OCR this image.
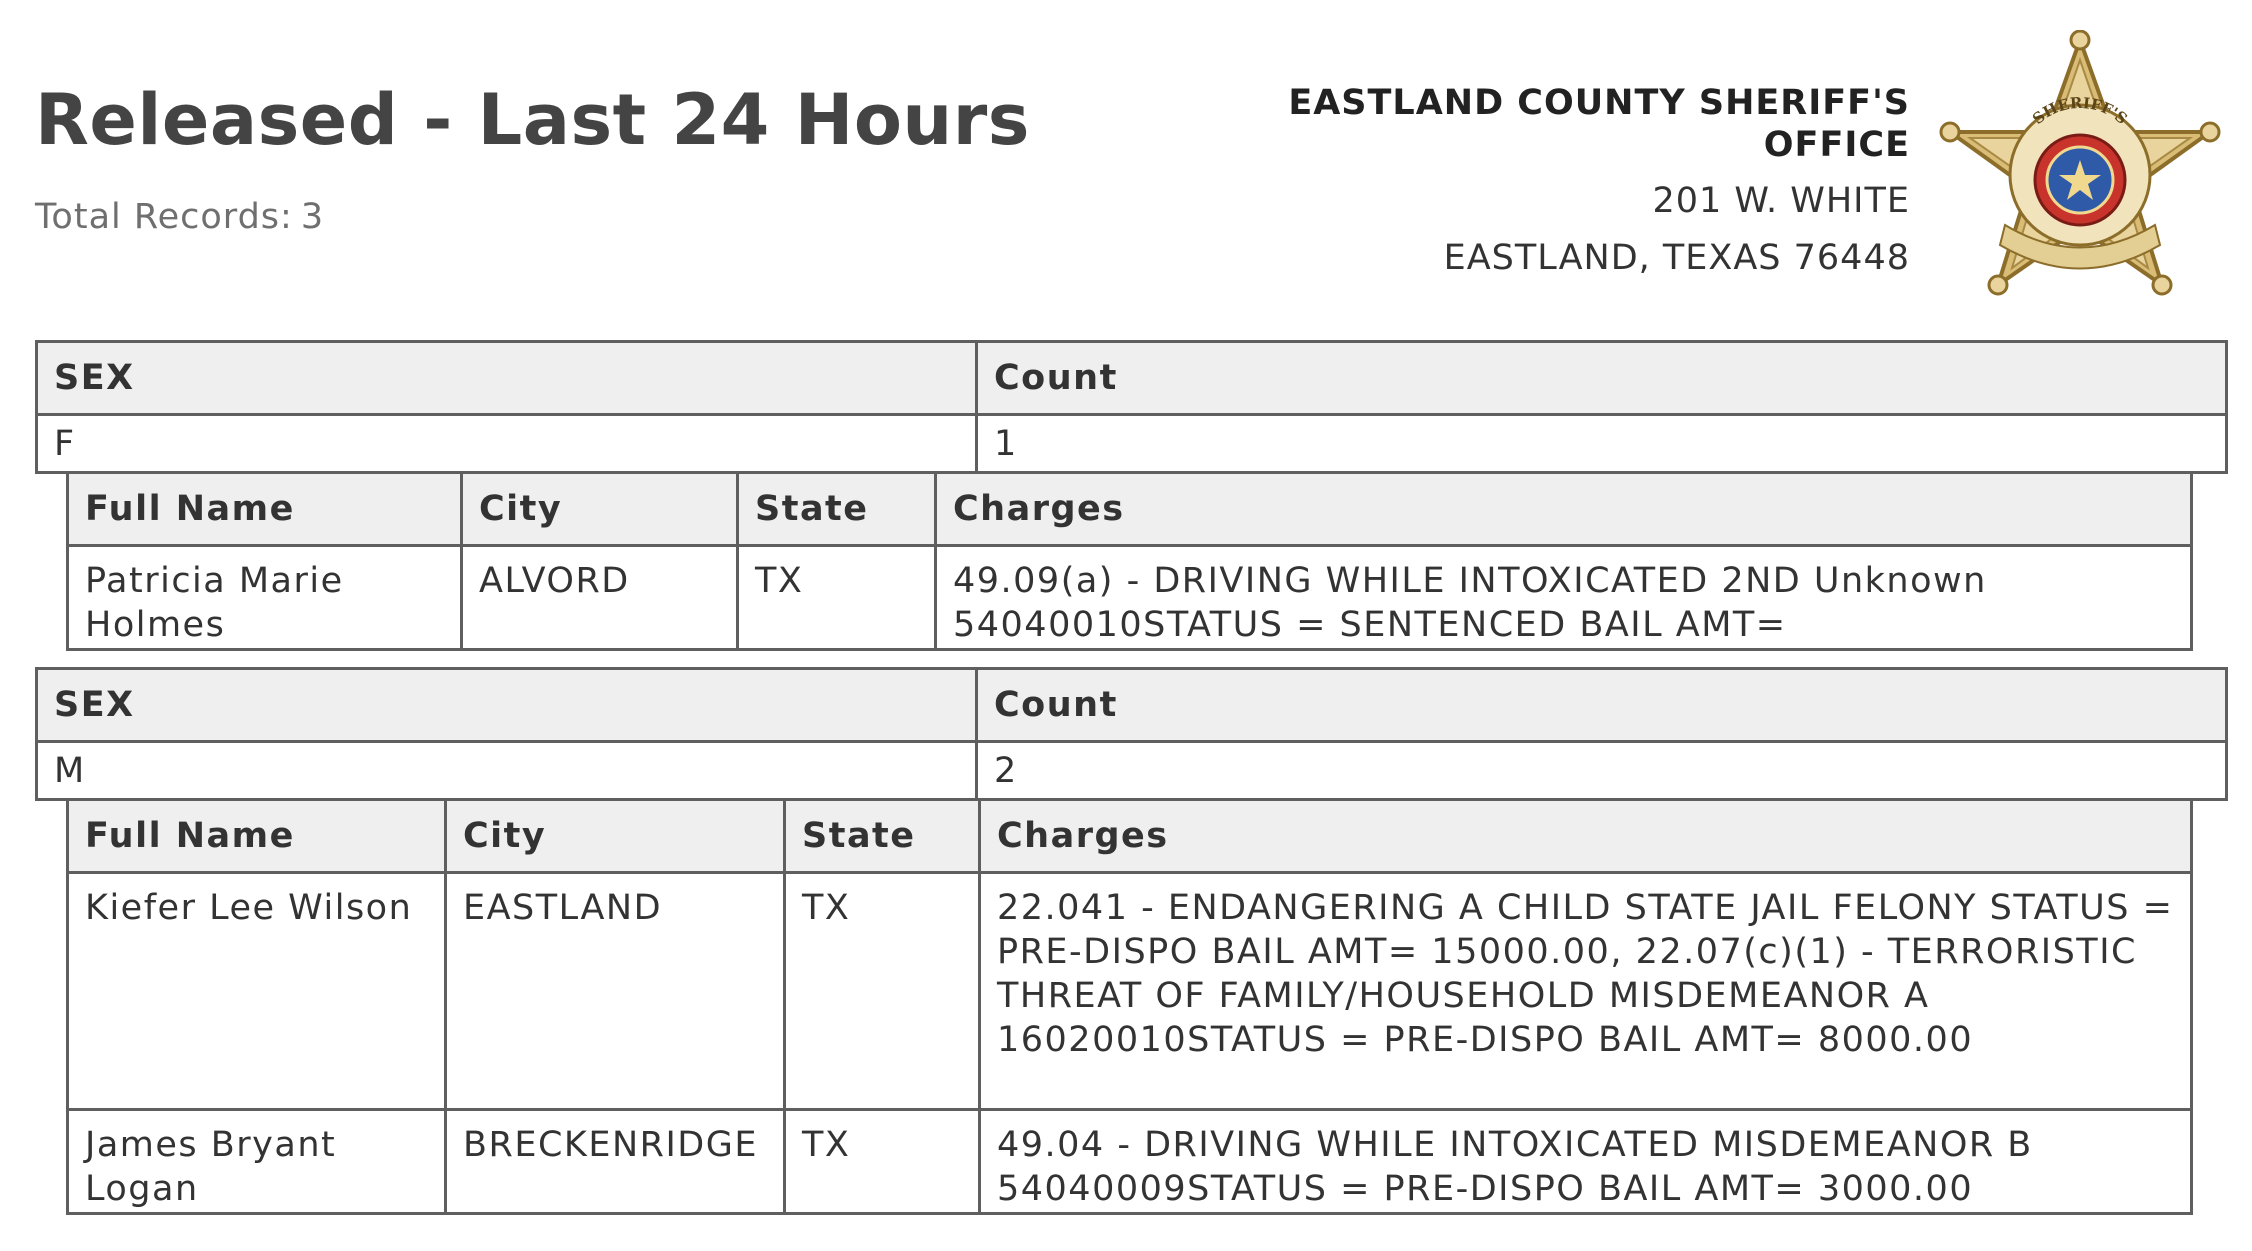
Released - Last 24 Hours
Total Records: 3
EASTLAND COUNTY SHERIFF'S OFFICE
201 W. WHITE
EASTLAND, TEXAS 76448
SHERIFF'S
SEX	Count
F	1
Full Name	City	State	Charges
Patricia Marie Holmes	ALVORD	TX	49.09(a) - DRIVING WHILE INTOXICATED 2ND Unknown 54040010STATUS = SENTENCED BAIL AMT=
SEX	Count
M	2
Full Name	City	State	Charges
Kiefer Lee Wilson	EASTLAND	TX	22.041 - ENDANGERING A CHILD STATE JAIL FELONY STATUS = PRE-DISPO BAIL AMT= 15000.00, 22.07(c)(1) - TERRORISTIC THREAT OF FAMILY/HOUSEHOLD MISDEMEANOR A 16020010STATUS = PRE-DISPO BAIL AMT= 8000.00
James Bryant Logan	BRECKENRIDGE	TX	49.04 - DRIVING WHILE INTOXICATED MISDEMEANOR B 54040009STATUS = PRE-DISPO BAIL AMT= 3000.00
